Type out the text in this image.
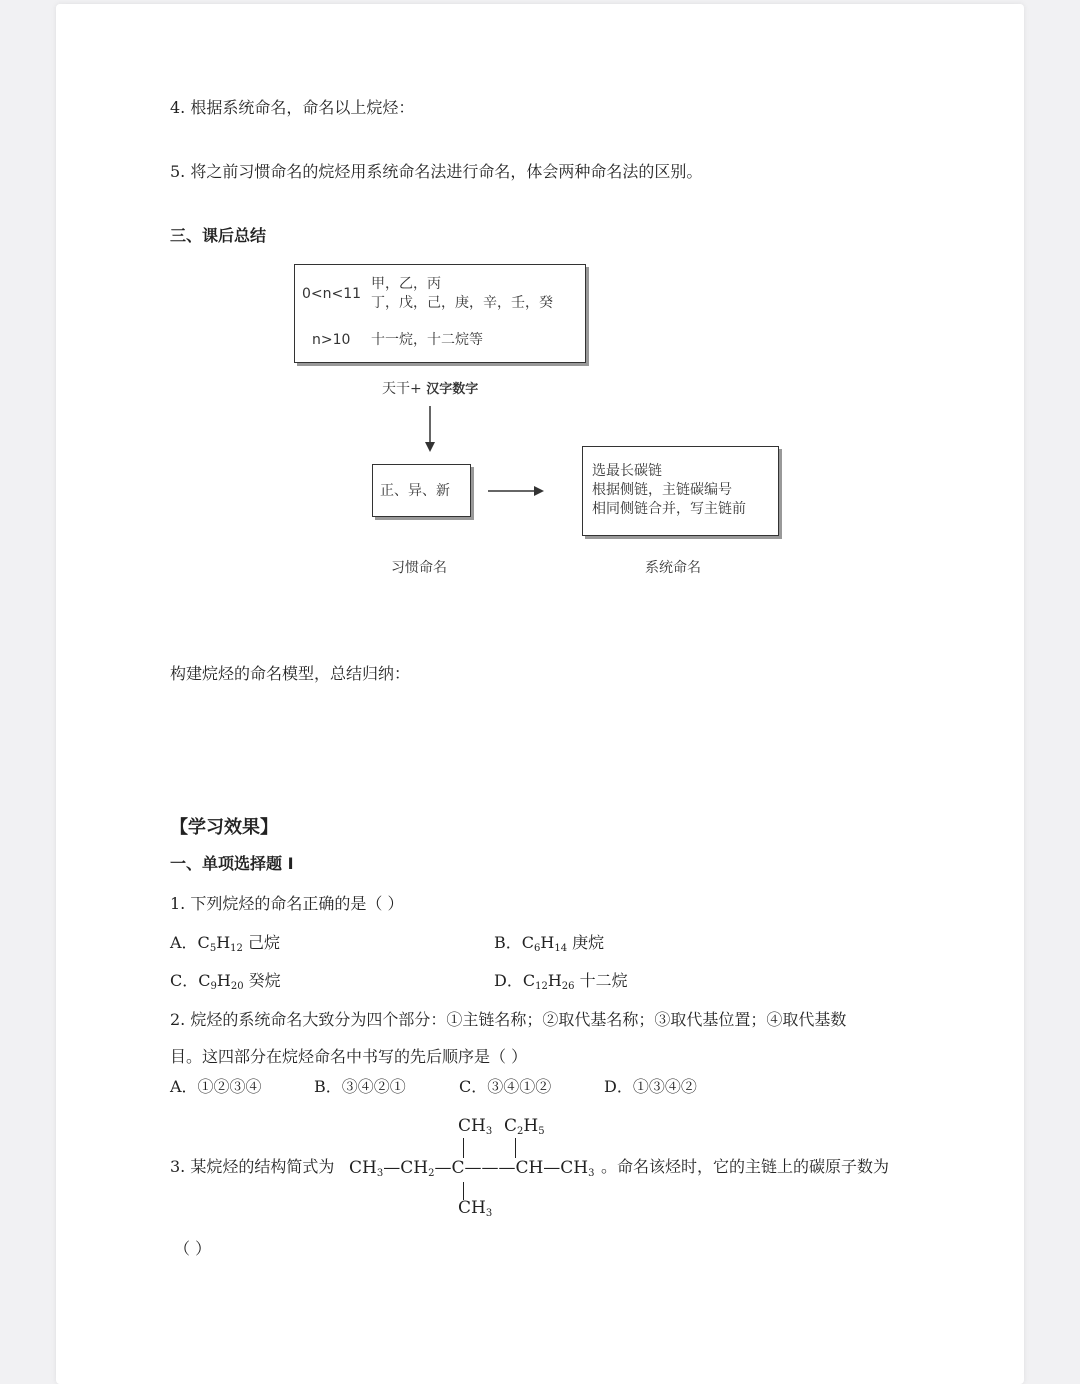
4. 根据系统命名，命名以上烷烃：
5. 将之前习惯命名的烷烃用系统命名法进行命名，体会两种命名法的区别。
三、课后总结
0<n<11
甲，乙，丙
丁，戊，己，庚，辛，壬，癸
n>10 十一烷，十二烷等
天干+ 汉字数字
正、异、新
选最长碳链
根据侧链，主链碳编号
相同侧链合并，写主链前
习惯命名	系统命名
构建烷烃的命名模型，总结归纳：
【学习效果】
一、单项选择题 I
1. 下列烷烃的命名正确的是（ ）
A．$C_5H_{12}$ 己烷	B．$C_6H_{14}$ 庚烷
C．$C_9H_{20}$ 癸烷	D．$C_{12}H_{26}$ 十二烷
2. 烷烃的系统命名大致分为四个部分：①主链名称；②取代基名称；③取代基位置；④取代基数
目。这四部分在烷烃命名中书写的先后顺序是（ ）
A．①②③④	B．③④②①	C．③④①②	D．①③④②
3. 某烷烃的结构简式为
$CH_3$ $C_2H_5$
$CH_3—CH_2—C———CH—CH_3$
$CH_3$
。命名该烃时，它的主链上的碳原子数为
（ ）
